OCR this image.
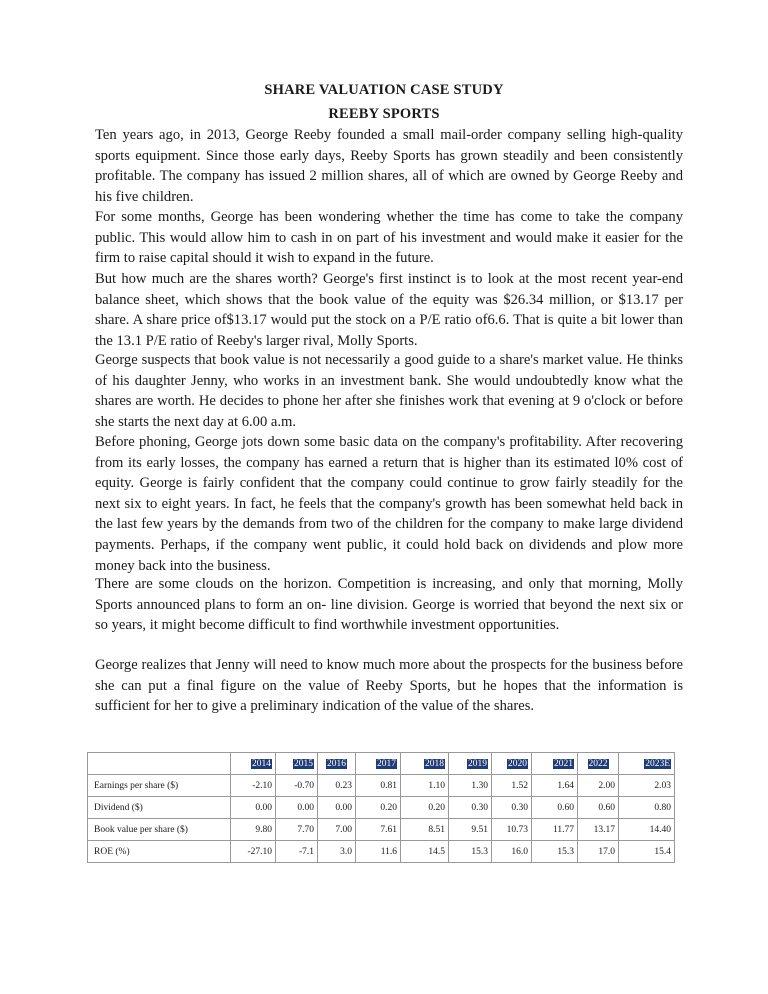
SHARE VALUATION CASE STUDY
REEBY SPORTS

Ten years ago, in 2013, George Reeby founded a small mail-order company selling high-quality sports equipment. Since those early days, Reeby Sports has grown steadily and been consistently profitable. The company has issued 2 million shares, all of which are owned by George Reeby and his five children.

For some months, George has been wondering whether the time has come to take the company public. This would allow him to cash in on part of his investment and would make it easier for the firm to raise capital should it wish to expand in the future.

But how much are the shares worth? George's first instinct is to look at the most recent year-end balance sheet, which shows that the book value of the equity was $26.34 million, or $13.17 per share. A share price of$13.17 would put the stock on a P/E ratio of6.6. That is quite a bit lower than the 13.1 P/E ratio of Reeby's larger rival, Molly Sports.

George suspects that book value is not necessarily a good guide to a share's market value. He thinks of his daughter Jenny, who works in an investment bank. She would undoubtedly know what the shares are worth. He decides to phone her after she finishes work that evening at 9 o'clock or before she starts the next day at 6.00 a.m.

Before phoning, George jots down some basic data on the company's profitability. After recovering from its early losses, the company has earned a return that is higher than its estimated l0% cost of equity. George is fairly confident that the company could continue to grow fairly steadily for the next six to eight years. In fact, he feels that the company's growth has been somewhat held back in the last few years by the demands from two of the children for the company to make large dividend payments. Perhaps, if the company went public, it could hold back on dividends and plow more money back into the business.

There are some clouds on the horizon. Competition is increasing, and only that morning, Molly Sports announced plans to form an on- line division. George is worried that beyond the next six or so years, it might become difficult to find worthwhile investment opportunities.

George realizes that Jenny will need to know much more about the prospects for the business before she can put a final figure on the value of Reeby Sports, but he hopes that the information is sufficient for her to give a preliminary indication of the value of the shares.

	2014	2015	2016	2017	2018	2019	2020	2021	2022	2023E
Earnings per share ($)	-2.10	-0.70	0.23	0.81	1.10	1.30	1.52	1.64	2.00	2.03
Dividend ($)	0.00	0.00	0.00	0.20	0.20	0.30	0.30	0.60	0.60	0.80
Book value per share ($)	9.80	7.70	7.00	7.61	8.51	9.51	10.73	11.77	13.17	14.40
ROE (%)	-27.10	-7.1	3.0	11.6	14.5	15.3	16.0	15.3	17.0	15.4
